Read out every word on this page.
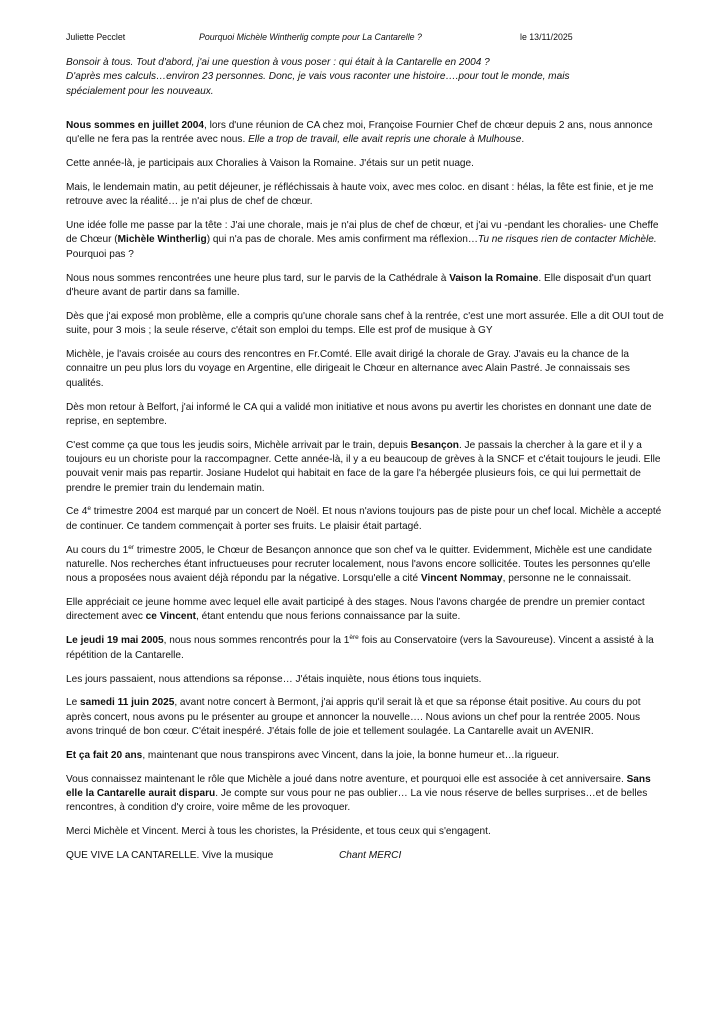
Juliette Pecclet	Pourquoi Michèle Wintherlig compte pour La Cantarelle ?	le 13/11/2025

Bonsoir à tous. Tout d'abord, j'ai une question à vous poser : qui était à la Cantarelle en 2004 ?
D'après mes calculs…environ 23 personnes. Donc, je vais vous raconter une histoire….pour tout le monde, mais
spécialement pour les nouveaux.

Nous sommes en juillet 2004, lors d'une réunion de CA chez moi, Françoise Fournier Chef de chœur depuis 2 ans, nous annonce qu'elle ne fera pas la rentrée avec nous. Elle a trop de travail, elle avait repris une chorale à Mulhouse.

Cette année-là, je participais aux Choralies à Vaison la Romaine. J'étais sur un petit nuage.

Mais, le lendemain matin, au petit déjeuner, je réfléchissais à haute voix, avec mes coloc. en disant : hélas, la fête est finie, et je me retrouve avec la réalité… je n'ai plus de chef de chœur.

Une idée folle me passe par la tête : J'ai une chorale, mais je n'ai plus de chef de chœur, et j'ai vu -pendant les choralies- une Cheffe de Chœur (Michèle Wintherlig) qui n'a pas de chorale. Mes amis confirment ma réflexion…Tu ne risques rien de contacter Michèle. Pourquoi pas ?

Nous nous sommes rencontrées une heure plus tard, sur le parvis de la Cathédrale à Vaison la Romaine. Elle disposait d'un quart d'heure avant de partir dans sa famille.

Dès que j'ai exposé mon problème, elle a compris qu'une chorale sans chef à la rentrée, c'est une mort assurée. Elle a dit OUI tout de suite, pour 3 mois ; la seule réserve, c'était son emploi du temps. Elle est prof de musique à GY

Michèle, je l'avais croisée au cours des rencontres en Fr.Comté. Elle avait dirigé la chorale de Gray. J'avais eu la chance de la connaitre un peu plus lors du voyage en Argentine, elle dirigeait le Chœur en alternance avec Alain Pastré. Je connaissais ses qualités.

Dès mon retour à Belfort, j'ai informé le CA qui a validé mon initiative et nous avons pu avertir les choristes en donnant une date de reprise, en septembre.

C'est comme ça que tous les jeudis soirs, Michèle arrivait par le train, depuis Besançon. Je passais la chercher à la gare et il y a toujours eu un choriste pour la raccompagner. Cette année-là, il y a eu beaucoup de grèves à la SNCF et c'était toujours le jeudi. Elle pouvait venir mais pas repartir. Josiane Hudelot qui habitait en face de la gare l'a hébergée plusieurs fois, ce qui lui permettait de prendre le premier train du lendemain matin.

Ce 4e trimestre 2004 est marqué par un concert de Noël. Et nous n'avions toujours pas de piste pour un chef local. Michèle a accepté de continuer. Ce tandem commençait à porter ses fruits. Le plaisir était partagé.

Au cours du 1er trimestre 2005, le Chœur de Besançon annonce que son chef va le quitter. Evidemment, Michèle est une candidate naturelle. Nos recherches étant infructueuses pour recruter localement, nous l'avons encore sollicitée. Toutes les personnes qu'elle nous a proposées nous avaient déjà répondu par la négative. Lorsqu'elle a cité Vincent Nommay, personne ne le connaissait.

Elle appréciait ce jeune homme avec lequel elle avait participé à des stages. Nous l'avons chargée de prendre un premier contact directement avec ce Vincent, étant entendu que nous ferions connaissance par la suite.

Le jeudi 19 mai 2005, nous nous sommes rencontrés pour la 1ère fois au Conservatoire (vers la Savoureuse). Vincent a assisté à la répétition de la Cantarelle.

Les jours passaient, nous attendions sa réponse… J'étais inquiète, nous étions tous inquiets.

Le samedi 11 juin 2025, avant notre concert à Bermont, j'ai appris qu'il serait là et que sa réponse était positive. Au cours du pot après concert, nous avons pu le présenter au groupe et annoncer la nouvelle…. Nous avions un chef pour la rentrée 2005. Nous avons trinqué de bon cœur. C'était inespéré. J'étais folle de joie et tellement soulagée. La Cantarelle avait un AVENIR.

Et ça fait 20 ans, maintenant que nous transpirons avec Vincent, dans la joie, la bonne humeur et…la rigueur.

Vous connaissez maintenant le rôle que Michèle a joué dans notre aventure, et pourquoi elle est associée à cet anniversaire. Sans elle la Cantarelle aurait disparu. Je compte sur vous pour ne pas oublier… La vie nous réserve de belles surprises…et de belles rencontres, à condition d'y croire, voire même de les provoquer.

Merci Michèle et Vincent. Merci à tous les choristes, la Présidente, et tous ceux qui s'engagent.

QUE VIVE LA CANTARELLE. Vive la musique	Chant MERCI
